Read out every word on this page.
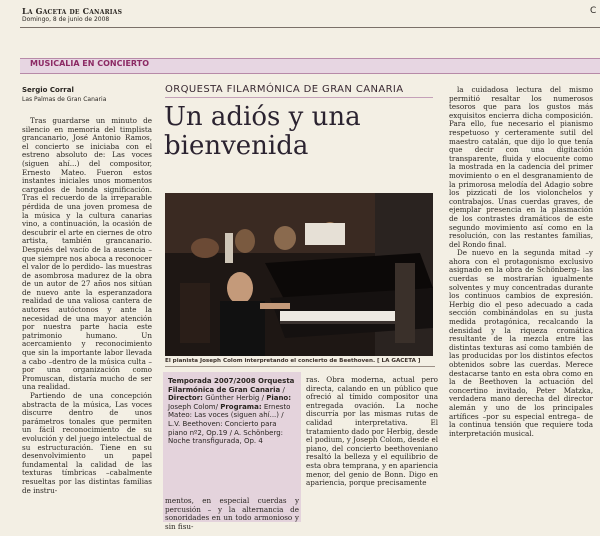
La Gaceta de Canarias
Domingo, 8 de junio de 2008
C
MUSICALIA EN CONCIERTO
Sergio Corral
Las Palmas de Gran Canaria

Tras guardarse un minuto de silencio en memoria del timplista grancanario, José Antonio Ramos, el concierto se iniciaba con el estreno absoluto de: Las voces (siguen ahí...) del compositor, Ernesto Mateo. Fueron estos instantes iniciales unos momentos cargados de honda significación. Tras el recuerdo de la irreparable pérdida de una joven promesa de la música y la cultura canarias vino, a continuación, la ocasión de descubrir el arte en ciernes de otro artista, también grancanario. Después del vacío de la ausencia –que siempre nos aboca a reconocer el valor de lo perdido– las muestras de asombrosa madurez de la obra de un autor de 27 años nos sitúan de nuevo ante la esperanzadora realidad de una valiosa cantera de autores autóctonos y ante la necesidad de una mayor atención por nuestra parte hacia este patrimonio humano. Un acercamiento y reconocimiento que sin la importante labor llevada a cabo –dentro de la música culta –por una organización como Promuscan, distaría mucho de ser una realidad.

Partiendo de una concepción abstracta de la música, Las voces discurre dentro de unos parámetros tonales que permiten un fácil reconocimiento de su evolución y del juego intelectual de su estructuración. Tiene en su desenvolvimiento un papel fundamental la calidad de las texturas tímbricas –cabalmente resueltas por las distintas familias de instru-

ORQUESTA FILARMÓNICA DE GRAN CANARIA
Un adiós y una
bienvenida
El pianista Joseph Colom interpretando el concierto de Beethoven. [ LA GACETA ]
Temporada 2007/2008 Orquesta Filarmónica de Gran Canaria / Director: Günther Herbig / Piano: Joseph Colom/ Programa: Ernesto Mateo: Las voces (siguen ahí...) / L.V. Beethoven: Concierto para piano nº2, Op.19 / A. Schönberg: Noche transfigurada, Op. 4
mentos, en especial cuerdas y percusión – y la alternancia de sonoridades en un todo armonioso y sin fisu-
ras. Obra moderna, actual pero directa, calando en un público que ofreció al tímido compositor una entregada ovación. La noche discurría por las mismas rutas de calidad interpretativa. El tratamiento dado por Herbig, desde el podium, y Joseph Colom, desde el piano, del concierto beethoveniano resaltó la belleza y el equilibrio de esta obra temprana, y en apariencia menor, del genio de Bonn. Digo en apariencia, porque precisamente

la cuidadosa lectura del mismo permitió resaltar los numerosos tesoros que para los gustos más exquisitos encierra dicha composición. Para ello, fue necesario el pianismo respetuoso y certeramente sutil del maestro catalán, que dijo lo que tenía que decir con una digitación transparente, fluida y elocuente como la mostrada en la cadencia del primer movimiento o en el desgranamiento de la primorosa melodía del Adagio sobre los pizzicati de los violonchelos y contrabajos. Unas cuerdas graves, de ejemplar presencia en la plasmación de los contrastes dramáticos de este segundo movimiento así como en la resolución, con las restantes familias, del Rondo final.

De nuevo en la segunda mitad –y ahora con el protagonismo exclusivo asignado en la obra de Schönberg– las cuerdas se mostrarían igualmente solventes y muy concentradas durante los continuos cambios de expresión. Herbig dio el peso adecuado a cada sección combinándolas en su justa medida protagónica, recalcando la densidad y la riqueza cromática resultante de la mezcla entre las distintas texturas así como también de las producidas por los distintos efectos obtenidos sobre las cuerdas. Merece destacarse tanto en esta obra como en la de Beethoven la actuación del concertino invitado, Peter Matzka, verdadera mano derecha del director alemán y uno de los principales artífices –por su especial entrega– de la continua tensión que requiere toda interpretación musical.
